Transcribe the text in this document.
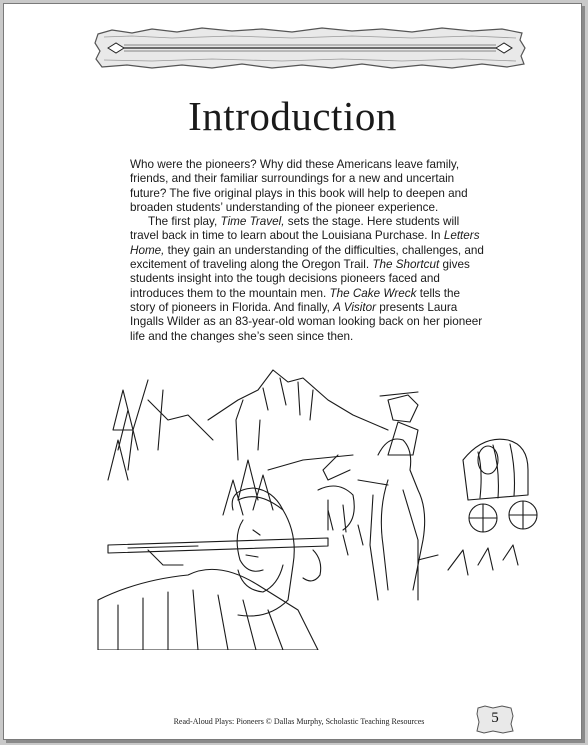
Introduction

Who were the pioneers? Why did these Americans leave family, friends, and their familiar surroundings for a new and uncertain future? The five original plays in this book will help to deepen and broaden students’ understanding of the pioneer experience.

The first play, Time Travel, sets the stage. Here students will travel back in time to learn about the Louisiana Purchase. In Letters Home, they gain an understanding of the difficulties, challenges, and excitement of traveling along the Oregon Trail. The Shortcut gives students insight into the tough decisions pioneers faced and introduces them to the mountain men. The Cake Wreck tells the story of pioneers in Florida. And finally, A Visitor presents Laura Ingalls Wilder as an 83-year-old woman looking back on her pioneer life and the changes she’s seen since then.

Read-Aloud Plays: Pioneers © Dallas Murphy, Scholastic Teaching Resources	5
